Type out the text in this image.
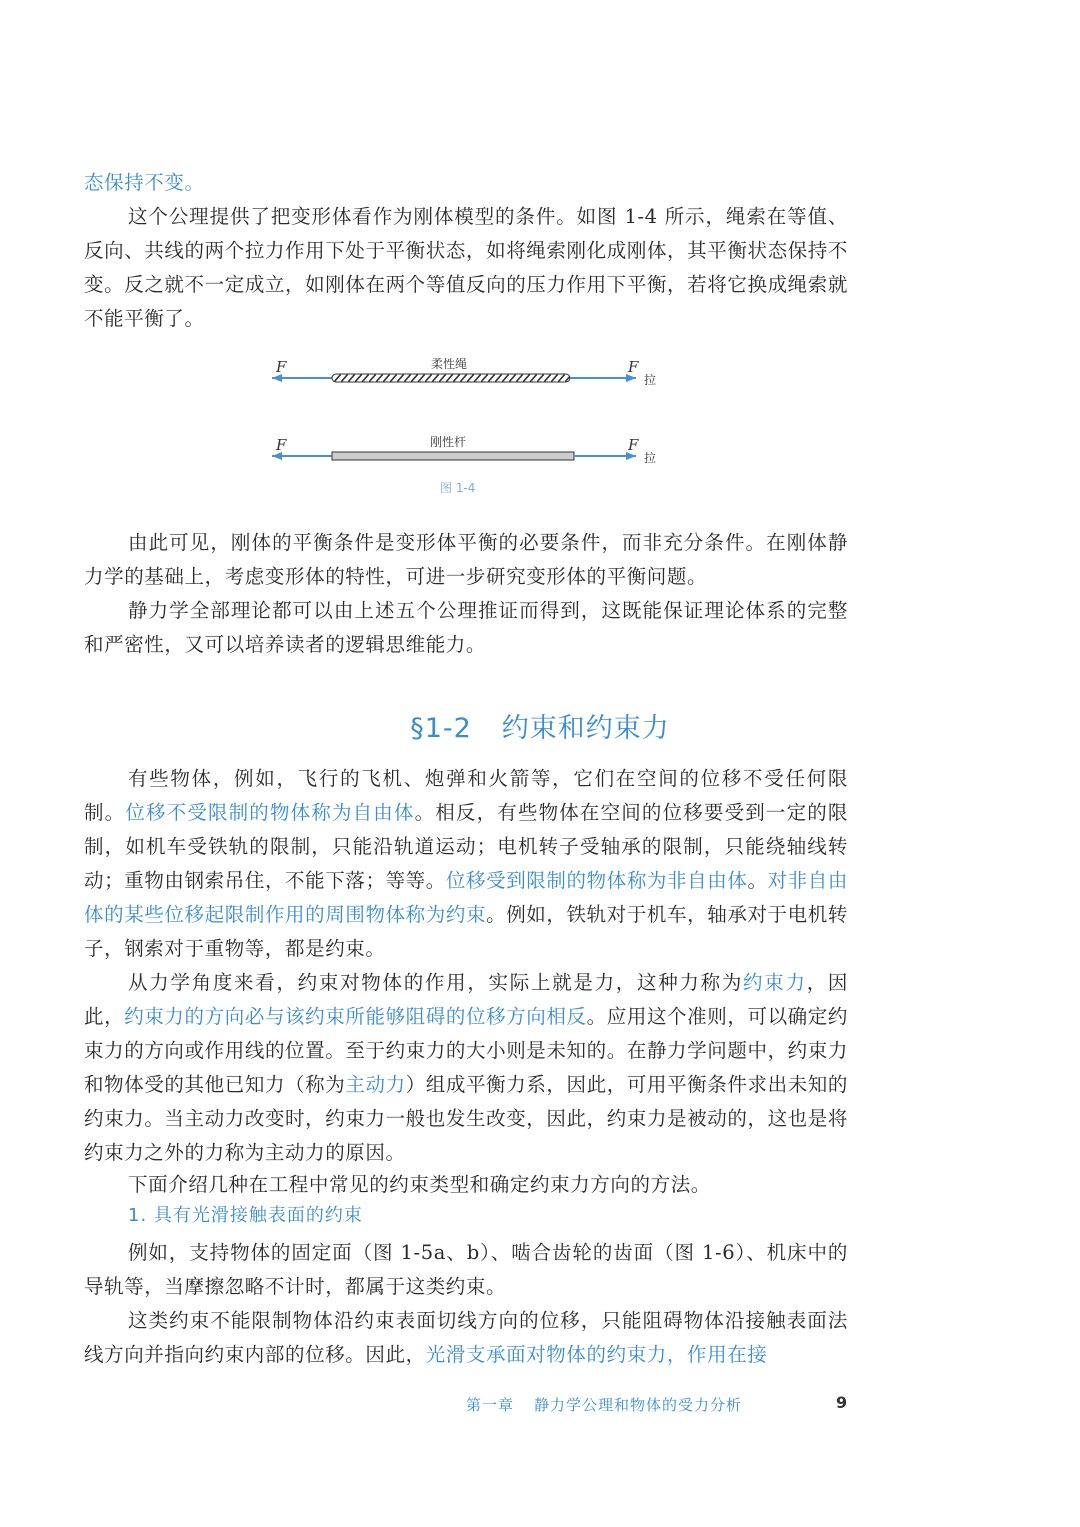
态保持不变。

这个公理提供了把变形体看作为刚体模型的条件。如图 1-4 所示，绳索在等值、反向、共线的两个拉力作用下处于平衡状态，如将绳索刚化成刚体，其平衡状态保持不变。反之就不一定成立，如刚体在两个等值反向的压力作用下平衡，若将它换成绳索就不能平衡了。

F	F
拉
柔性绳
F	F
拉
刚性杆
图 1-4

由此可见，刚体的平衡条件是变形体平衡的必要条件，而非充分条件。在刚体静力学的基础上，考虑变形体的特性，可进一步研究变形体的平衡问题。

静力学全部理论都可以由上述五个公理推证而得到，这既能保证理论体系的完整和严密性，又可以培养读者的逻辑思维能力。

§1-2 约束和约束力

有些物体，例如，飞行的飞机、炮弹和火箭等，它们在空间的位移不受任何限制。位移不受限制的物体称为自由体。相反，有些物体在空间的位移要受到一定的限制，如机车受铁轨的限制，只能沿轨道运动；电机转子受轴承的限制，只能绕轴线转动；重物由钢索吊住，不能下落；等等。位移受到限制的物体称为非自由体。对非自由体的某些位移起限制作用的周围物体称为约束。例如，铁轨对于机车，轴承对于电机转子，钢索对于重物等，都是约束。

从力学角度来看，约束对物体的作用，实际上就是力，这种力称为约束力，因此，约束力的方向必与该约束所能够阻碍的位移方向相反。应用这个准则，可以确定约束力的方向或作用线的位置。至于约束力的大小则是未知的。在静力学问题中，约束力和物体受的其他已知力（称为主动力）组成平衡力系，因此，可用平衡条件求出未知的约束力。当主动力改变时，约束力一般也发生改变，因此，约束力是被动的，这也是将约束力之外的力称为主动力的原因。

下面介绍几种在工程中常见的约束类型和确定约束力方向的方法。

1. 具有光滑接触表面的约束

例如，支持物体的固定面（图 1-5a、b）、啮合齿轮的齿面（图 1-6）、机床中的导轨等，当摩擦忽略不计时，都属于这类约束。

这类约束不能限制物体沿约束表面切线方向的位移，只能阻碍物体沿接触表面法线方向并指向约束内部的位移。因此，光滑支承面对物体的约束力，作用在接

第一章 静力学公理和物体的受力分析	9
